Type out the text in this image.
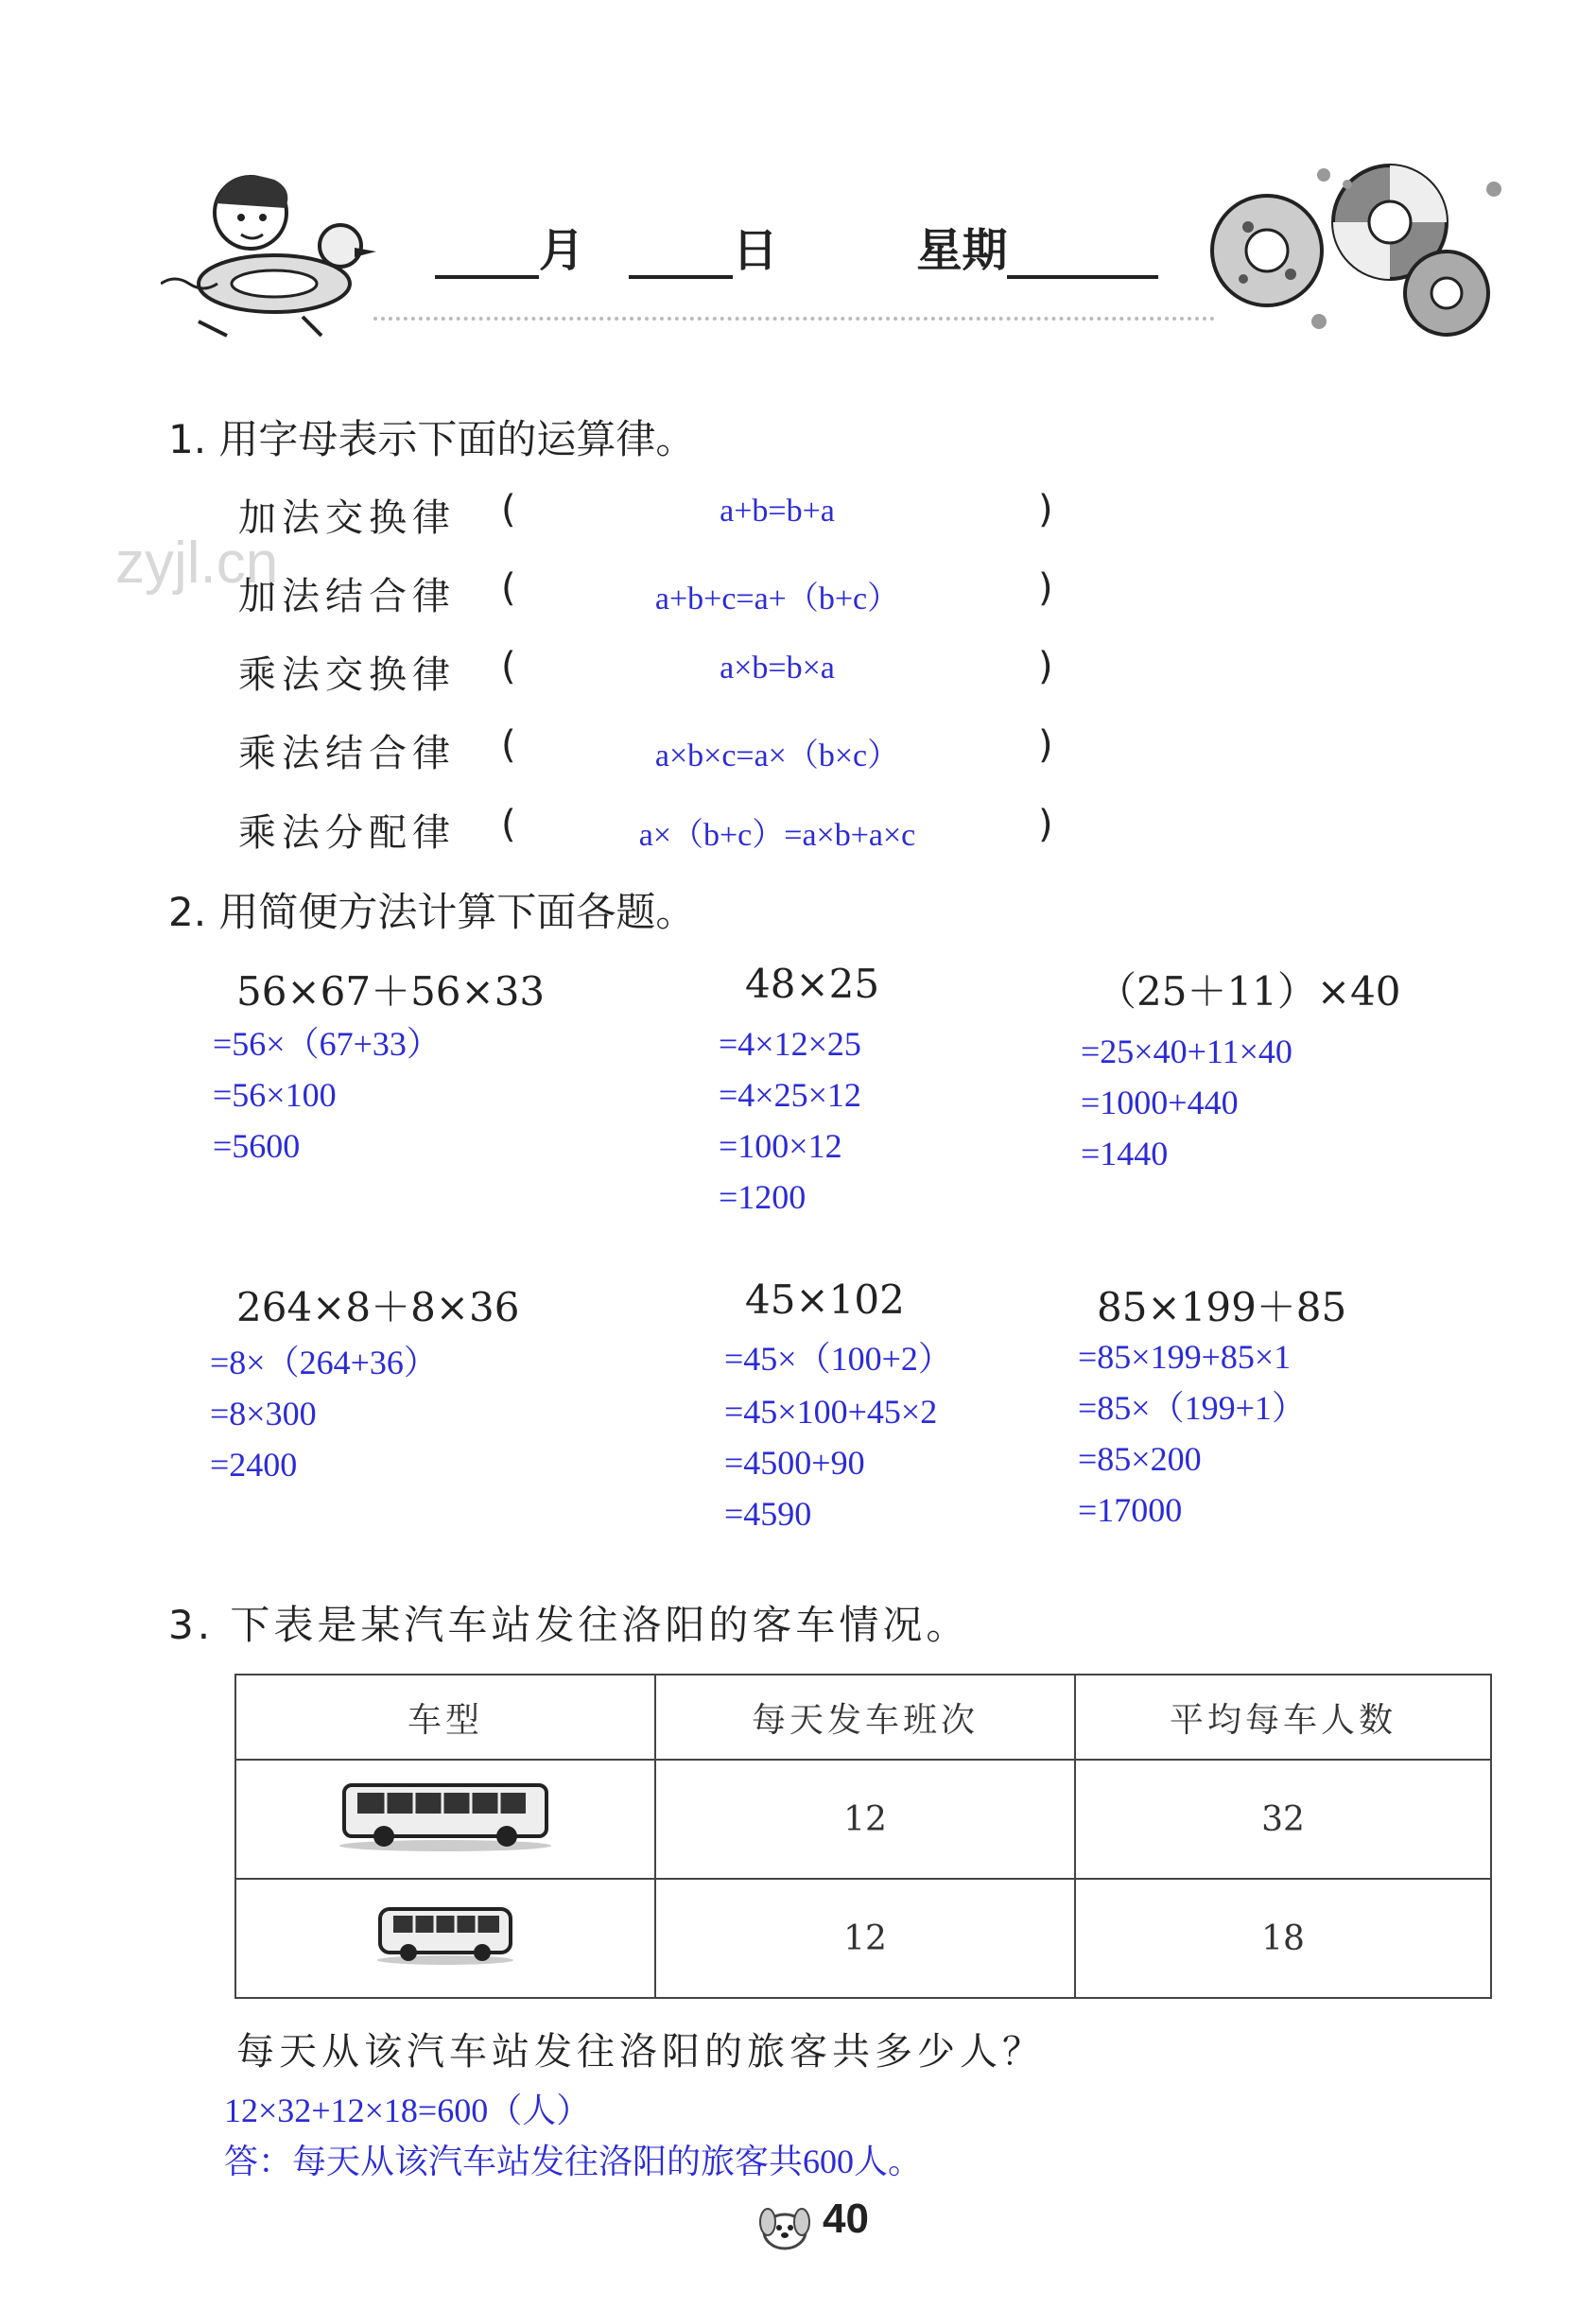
月	日	星期
zyjl.cn
1. 用字母表示下面的运算律。
加法交换律 (	a+b=b+a	)
加法结合律 (	a+b+c=a+（b+c）	)
乘法交换律 (	a×b=b×a	)
乘法结合律 (	a×b×c=a×（b×c）	)
乘法分配律 (	a×（b+c）=a×b+a×c	)
2. 用简便方法计算下面各题。
56×67＋56×33
=56×（67+33）
=56×100
=5600
48×25
=4×12×25
=4×25×12
=100×12
=1200
（25＋11）×40
=25×40+11×40
=1000+440
=1440
264×8＋8×36
=8×（264+36）
=8×300
=2400
45×102
=45×（100+2）
=45×100+45×2
=4500+90
=4590
85×199＋85
=85×199+85×1
=85×（199+1）
=85×200
=17000
3. 下表是某汽车站发往洛阳的客车情况。
车型	每天发车班次	平均每车人数
	12	32
	12	18
每天从该汽车站发往洛阳的旅客共多少人？
12×32+12×18=600（人）
答：每天从该汽车站发往洛阳的旅客共600人。
40
